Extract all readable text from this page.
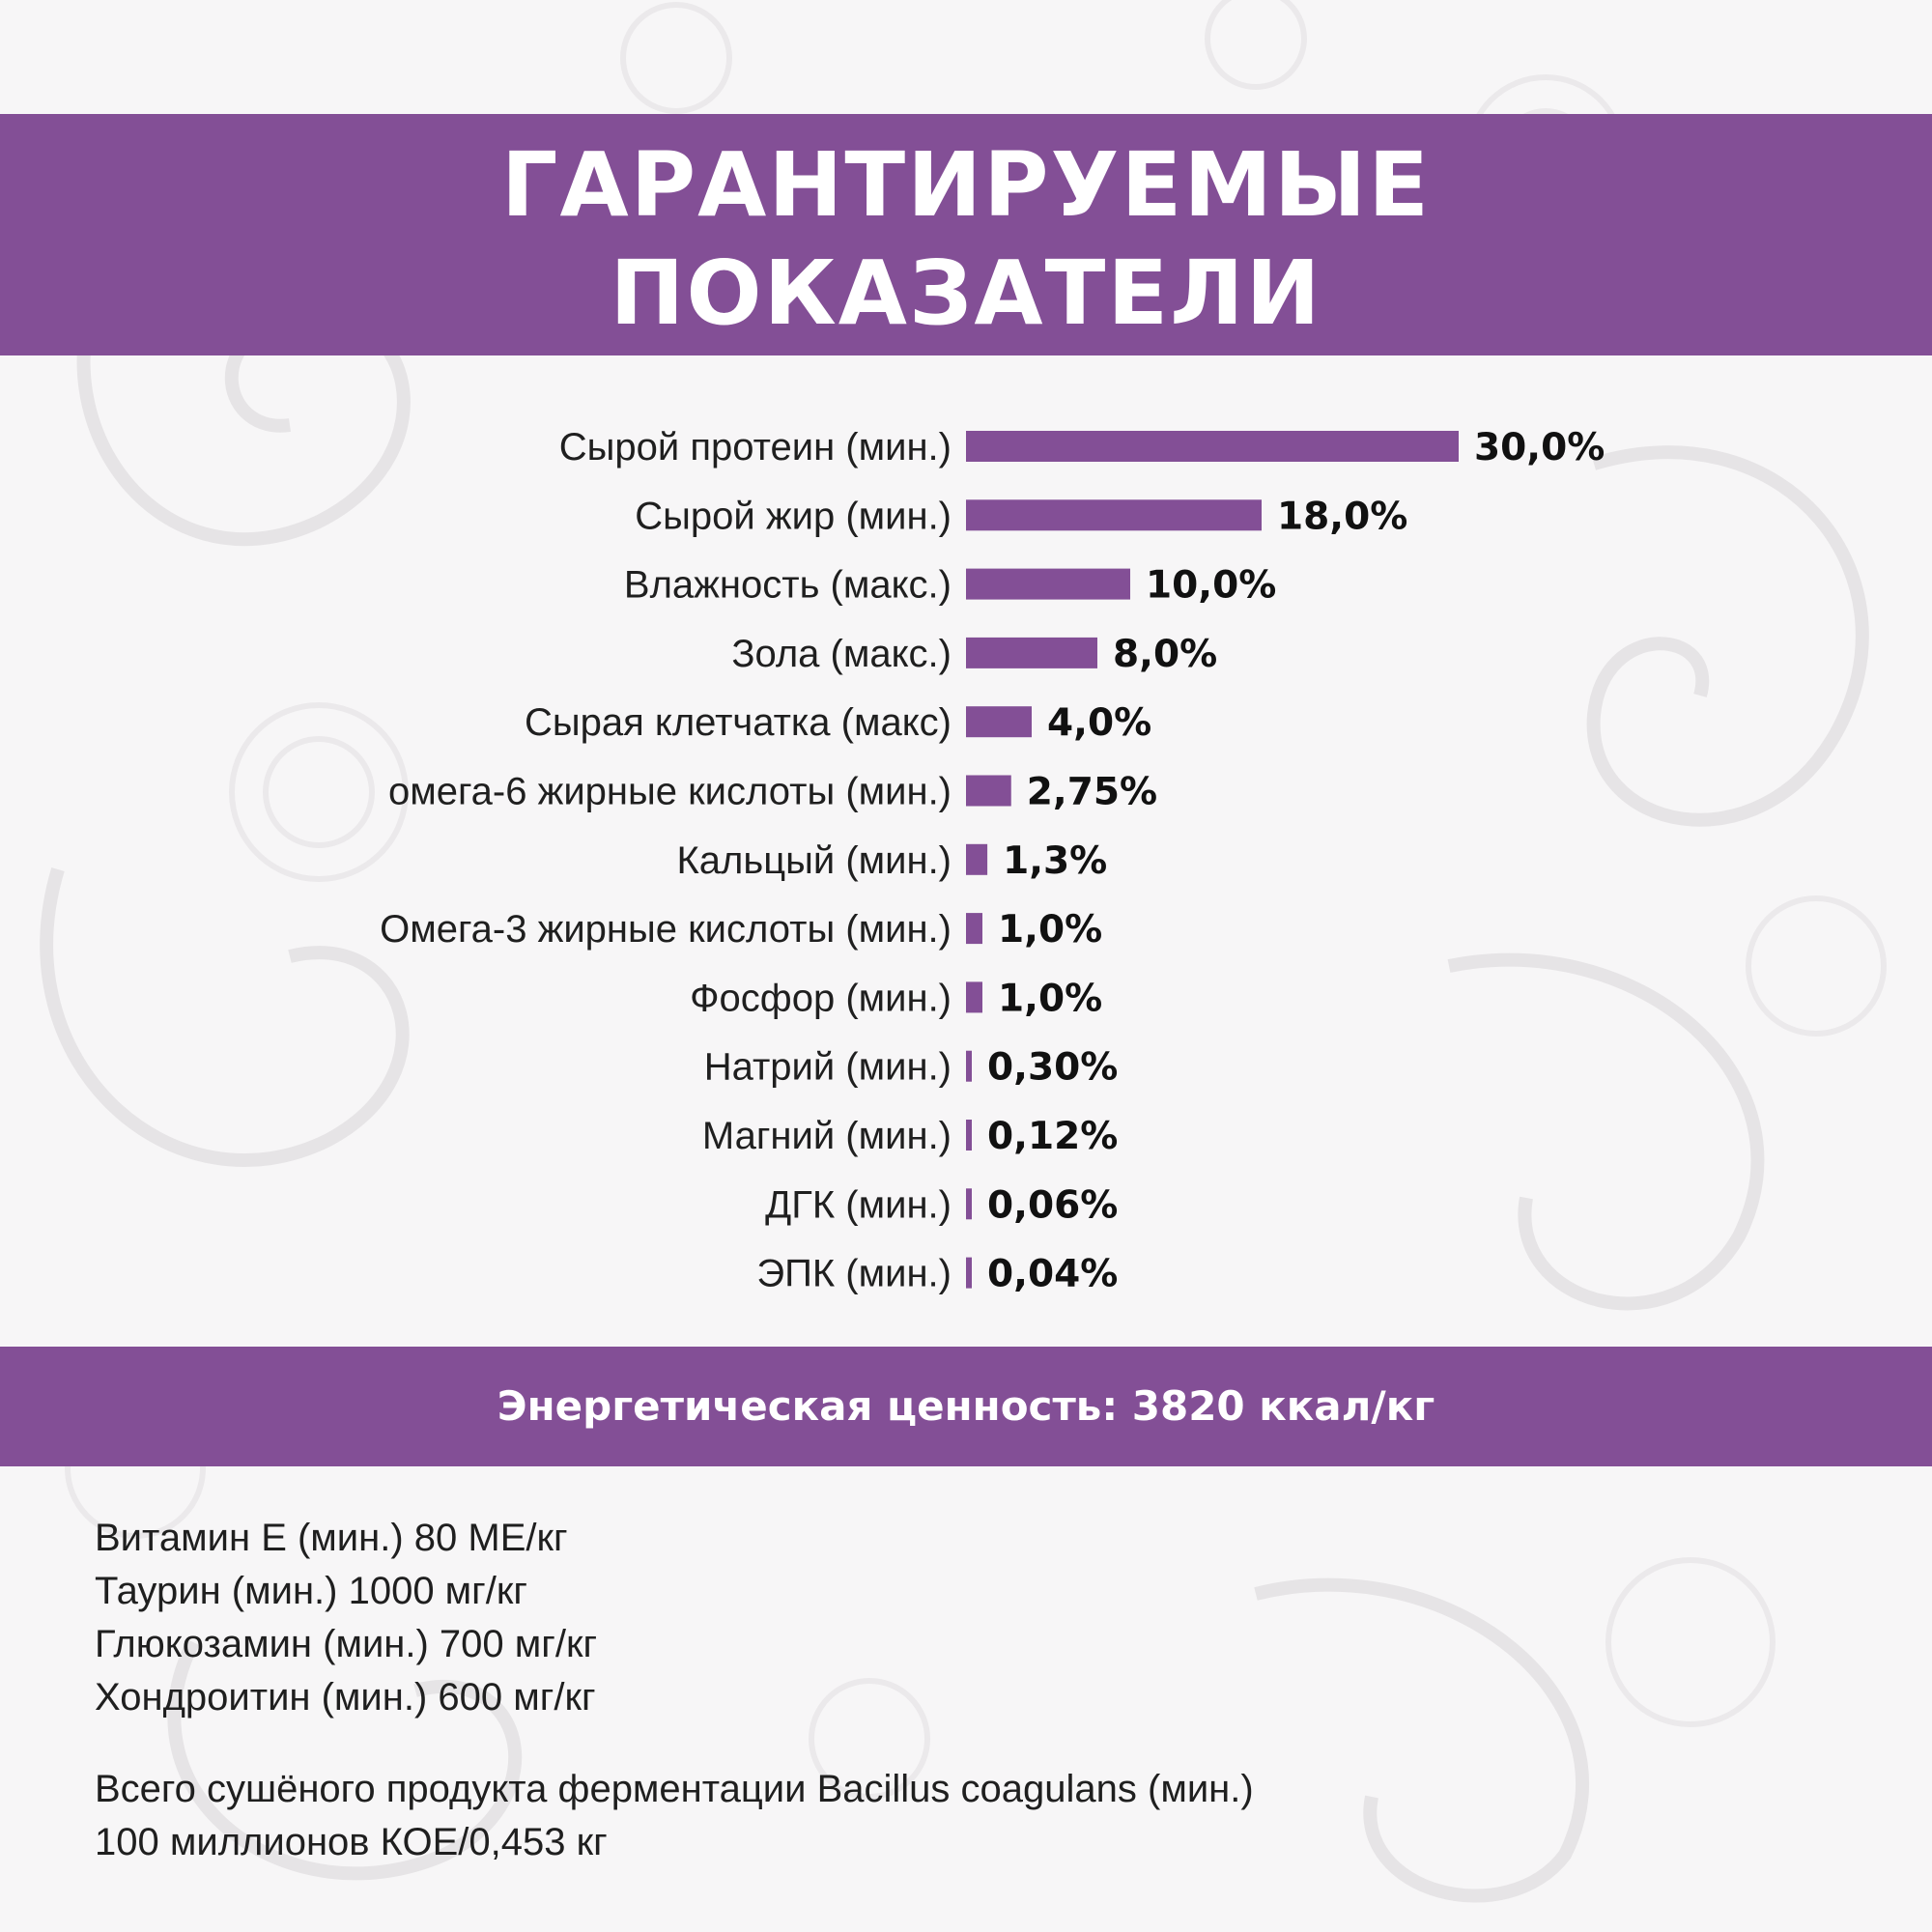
ГАРАНТИРУЕМЫЕ
ПОКАЗАТЕЛИ
Сырой протеин (мин.)	30,0%
Сырой жир (мин.)	18,0%
Влажность (макс.)	10,0%
Зола (макс.)	8,0%
Сырая клетчатка (макс)	4,0%
омега-6 жирные кислоты (мин.) 2,75%
Кальцый (мин.) 1,3%
Омега-3 жирные кислоты (мин.) 1,0%
Фосфор (мин.) 1,0%
Натрий (мин.) 0,30%
Магний (мин.) 0,12%
ДГК (мин.) 0,06%
ЭПК (мин.) 0,04%
Энергетическая ценность: 3820 ккал/кг
Витамин Е (мин.) 80 МЕ/кг
Таурин (мин.) 1000 мг/кг
Глюкозамин (мин.) 700 мг/кг
Хондроитин (мин.) 600 мг/кг
Всего сушёного продукта ферментации Bacillus coagulans (мин.)
100 миллионов КОЕ/0,453 кг
